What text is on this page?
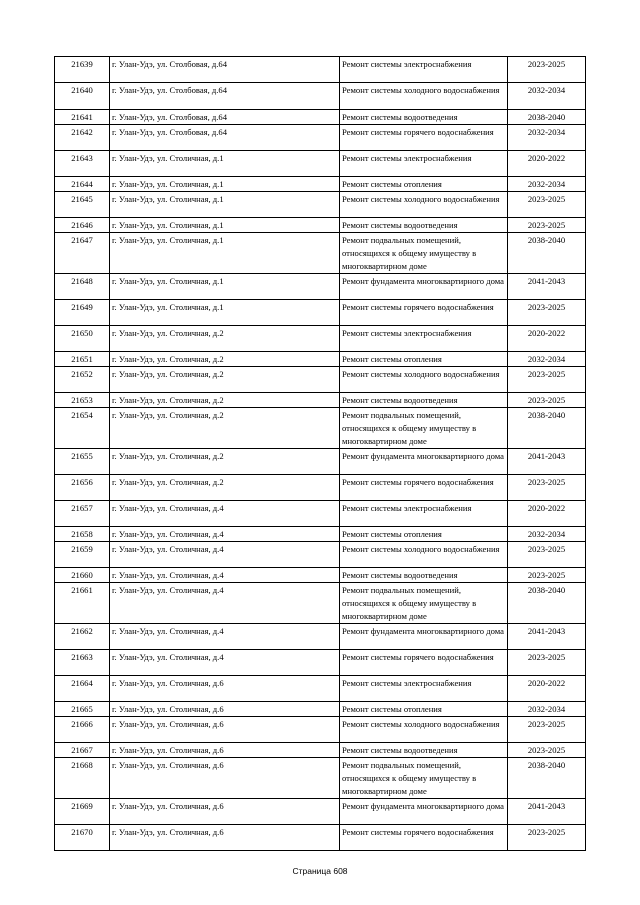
21639	г. Улан-Удэ, ул. Столбовая, д.64	Ремонт системы электроснабжения	2023-2025
21640	г. Улан-Удэ, ул. Столбовая, д.64	Ремонт системы холодного водоснабжения	2032-2034
21641	г. Улан-Удэ, ул. Столбовая, д.64	Ремонт системы водоотведения	2038-2040
21642	г. Улан-Удэ, ул. Столбовая, д.64	Ремонт системы горячего водоснабжения	2032-2034
21643	г. Улан-Удэ, ул. Столичная, д.1	Ремонт системы электроснабжения	2020-2022
21644	г. Улан-Удэ, ул. Столичная, д.1	Ремонт системы отопления	2032-2034
21645	г. Улан-Удэ, ул. Столичная, д.1	Ремонт системы холодного водоснабжения	2023-2025
21646	г. Улан-Удэ, ул. Столичная, д.1	Ремонт системы водоотведения	2023-2025
21647	г. Улан-Удэ, ул. Столичная, д.1	Ремонт подвальных помещений, относящихся к общему имуществу в многоквартирном доме	2038-2040
21648	г. Улан-Удэ, ул. Столичная, д.1	Ремонт фундамента многоквартирного дома	2041-2043
21649	г. Улан-Удэ, ул. Столичная, д.1	Ремонт системы горячего водоснабжения	2023-2025
21650	г. Улан-Удэ, ул. Столичная, д.2	Ремонт системы электроснабжения	2020-2022
21651	г. Улан-Удэ, ул. Столичная, д.2	Ремонт системы отопления	2032-2034
21652	г. Улан-Удэ, ул. Столичная, д.2	Ремонт системы холодного водоснабжения	2023-2025
21653	г. Улан-Удэ, ул. Столичная, д.2	Ремонт системы водоотведения	2023-2025
21654	г. Улан-Удэ, ул. Столичная, д.2	Ремонт подвальных помещений, относящихся к общему имуществу в многоквартирном доме	2038-2040
21655	г. Улан-Удэ, ул. Столичная, д.2	Ремонт фундамента многоквартирного дома	2041-2043
21656	г. Улан-Удэ, ул. Столичная, д.2	Ремонт системы горячего водоснабжения	2023-2025
21657	г. Улан-Удэ, ул. Столичная, д.4	Ремонт системы электроснабжения	2020-2022
21658	г. Улан-Удэ, ул. Столичная, д.4	Ремонт системы отопления	2032-2034
21659	г. Улан-Удэ, ул. Столичная, д.4	Ремонт системы холодного водоснабжения	2023-2025
21660	г. Улан-Удэ, ул. Столичная, д.4	Ремонт системы водоотведения	2023-2025
21661	г. Улан-Удэ, ул. Столичная, д.4	Ремонт подвальных помещений, относящихся к общему имуществу в многоквартирном доме	2038-2040
21662	г. Улан-Удэ, ул. Столичная, д.4	Ремонт фундамента многоквартирного дома	2041-2043
21663	г. Улан-Удэ, ул. Столичная, д.4	Ремонт системы горячего водоснабжения	2023-2025
21664	г. Улан-Удэ, ул. Столичная, д.6	Ремонт системы электроснабжения	2020-2022
21665	г. Улан-Удэ, ул. Столичная, д.6	Ремонт системы отопления	2032-2034
21666	г. Улан-Удэ, ул. Столичная, д.6	Ремонт системы холодного водоснабжения	2023-2025
21667	г. Улан-Удэ, ул. Столичная, д.6	Ремонт системы водоотведения	2023-2025
21668	г. Улан-Удэ, ул. Столичная, д.6	Ремонт подвальных помещений, относящихся к общему имуществу в многоквартирном доме	2038-2040
21669	г. Улан-Удэ, ул. Столичная, д.6	Ремонт фундамента многоквартирного дома	2041-2043
21670	г. Улан-Удэ, ул. Столичная, д.6	Ремонт системы горячего водоснабжения	2023-2025
Страница 608
